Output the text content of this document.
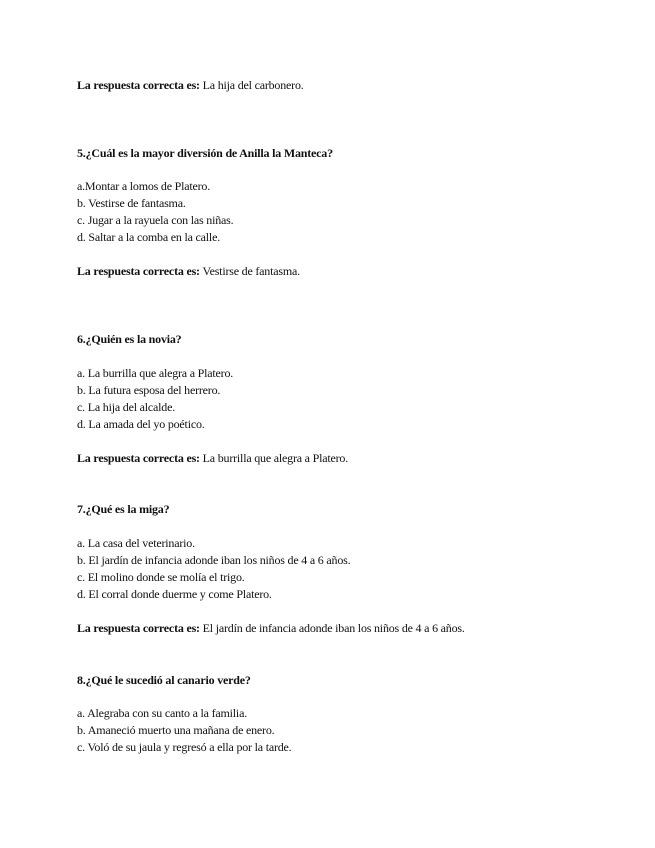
La respuesta correcta es: La hija del carbonero.
5.¿Cuál es la mayor diversión de Anilla la Manteca?
a.Montar a lomos de Platero.
b. Vestirse de fantasma.
c. Jugar a la rayuela con las niñas.
d. Saltar a la comba en la calle.
La respuesta correcta es: Vestirse de fantasma.
6.¿Quién es la novia?
a. La burrilla que alegra a Platero.
b. La futura esposa del herrero.
c. La hija del alcalde.
d. La amada del yo poético.
La respuesta correcta es: La burrilla que alegra a Platero.
7.¿Qué es la miga?
a. La casa del veterinario.
b. El jardín de infancia adonde iban los niños de 4 a 6 años.
c. El molino donde se molía el trigo.
d. El corral donde duerme y come Platero.
La respuesta correcta es: El jardín de infancia adonde iban los niños de 4 a 6 años.
8.¿Qué le sucedió al canario verde?
a. Alegraba con su canto a la familia.
b. Amaneció muerto una mañana de enero.
c. Voló de su jaula y regresó a ella por la tarde.
